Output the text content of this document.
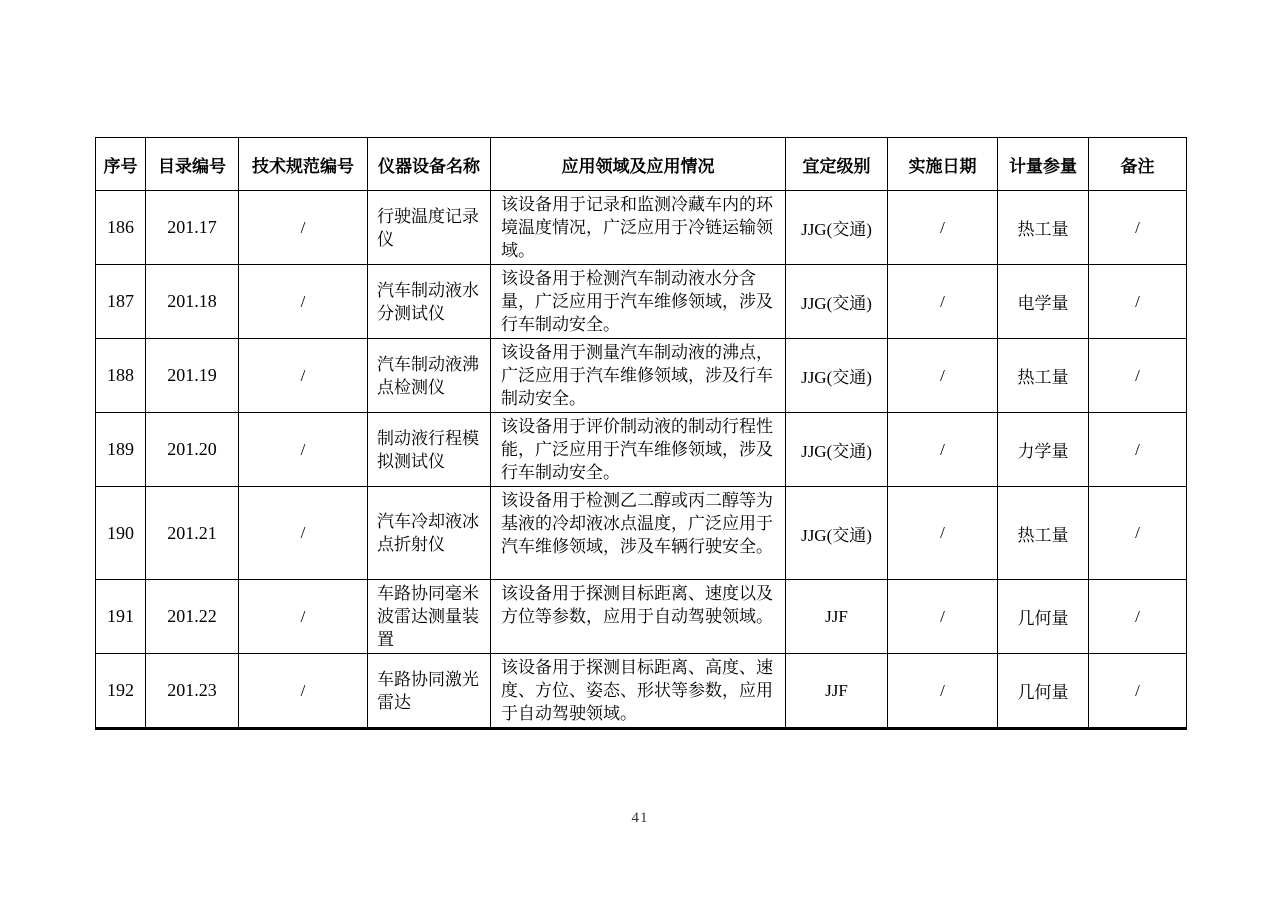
序号	目录编号	技术规范编号	仪器设备名称	应用领域及应用情况	宜定级别	实施日期	计量参量	备注
186	201.17	/	行驶温度记录仪	该设备用于记录和监测冷藏车内的环境温度情况，广泛应用于冷链运输领域。	JJG(交通)	/	热工量	/
187	201.18	/	汽车制动液水分测试仪	该设备用于检测汽车制动液水分含量，广泛应用于汽车维修领域，涉及行车制动安全。	JJG(交通)	/	电学量	/
188	201.19	/	汽车制动液沸点检测仪	该设备用于测量汽车制动液的沸点，广泛应用于汽车维修领域，涉及行车制动安全。	JJG(交通)	/	热工量	/
189	201.20	/	制动液行程模拟测试仪	该设备用于评价制动液的制动行程性能，广泛应用于汽车维修领域，涉及行车制动安全。	JJG(交通)	/	力学量	/
190	201.21	/	汽车冷却液冰点折射仪	该设备用于检测乙二醇或丙二醇等为基液的冷却液冰点温度，广泛应用于汽车维修领域，涉及车辆行驶安全。	JJG(交通)	/	热工量	/
191	201.22	/	车路协同毫米波雷达测量装置	该设备用于探测目标距离、速度以及方位等参数，应用于自动驾驶领域。	JJF	/	几何量	/
192	201.23	/	车路协同激光雷达	该设备用于探测目标距离、高度、速度、方位、姿态、形状等参数，应用于自动驾驶领域。	JJF	/	几何量	/
41
